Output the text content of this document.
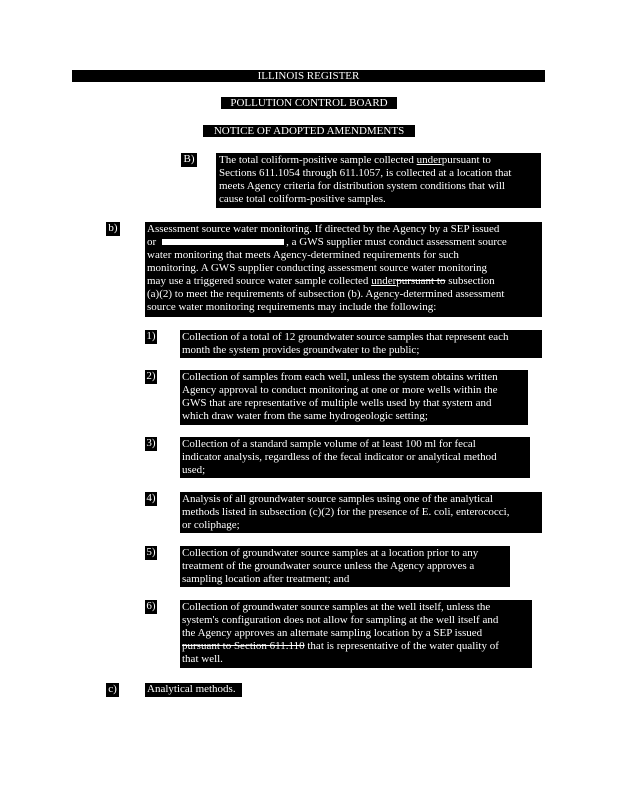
ILLINOIS REGISTER
POLLUTION CONTROL BOARD
NOTICE OF ADOPTED AMENDMENTS
B) The total coliform-positive sample collected underpursuant to
Sections 611.1054 through 611.1057, is collected at a location that
meets Agency criteria for distribution system conditions that will
cause total coliform-positive samples.
b)	Assessment source water monitoring. If directed by the Agency by a SEP issued
or	, a GWS supplier must conduct assessment source
water monitoring that meets Agency-determined requirements for such
monitoring. A GWS supplier conducting assessment source water monitoring
may use a triggered source water sample collected underpursuant to subsection
(a)(2) to meet the requirements of subsection (b). Agency-determined assessment
source water monitoring requirements may include the following:
1) Collection of a total of 12 groundwater source samples that represent each
month the system provides groundwater to the public;
2) Collection of samples from each well, unless the system obtains written
Agency approval to conduct monitoring at one or more wells within the
GWS that are representative of multiple wells used by that system and
which draw water from the same hydrogeologic setting;
3) Collection of a standard sample volume of at least 100 ml for fecal
indicator analysis, regardless of the fecal indicator or analytical method
used;
4) Analysis of all groundwater source samples using one of the analytical
methods listed in subsection (c)(2) for the presence of E. coli, enterococci,
or coliphage;
5) Collection of groundwater source samples at a location prior to any
treatment of the groundwater source unless the Agency approves a
sampling location after treatment; and
6) Collection of groundwater source samples at the well itself, unless the
system's configuration does not allow for sampling at the well itself and
the Agency approves an alternate sampling location by a SEP issued
pursuant to Section 611.110 that is representative of the water quality of
that well.
c)	Analytical methods.
